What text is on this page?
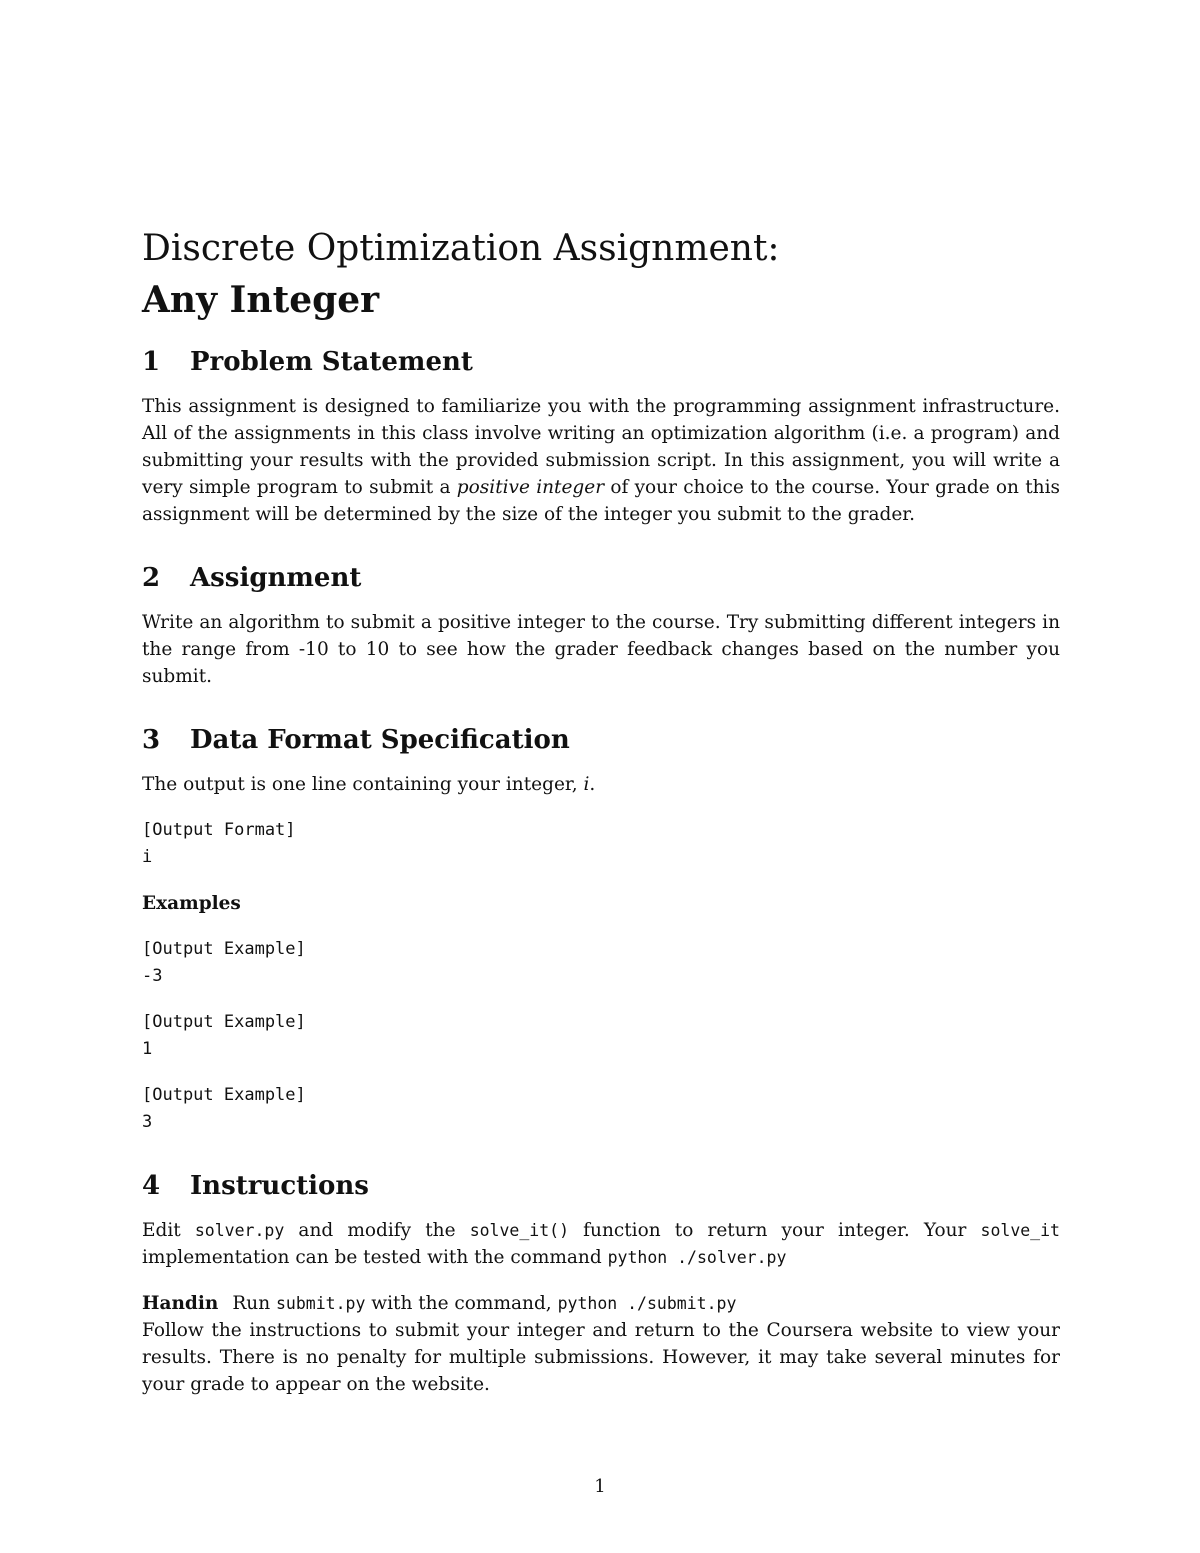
Discrete Optimization Assignment:
Any Integer
1	Problem Statement

This assignment is designed to familiarize you with the programming assignment infrastructure. All of the assignments in this class involve writing an optimization algorithm (i.e. a program) and submitting your results with the provided submission script. In this assignment, you will write a very simple program to submit a positive integer of your choice to the course. Your grade on this assignment will be determined by the size of the integer you submit to the grader.

2	Assignment

Write an algorithm to submit a positive integer to the course. Try submitting different integers in the range from -10 to 10 to see how the grader feedback changes based on the number you submit.

3	Data Format Specification

The output is one line containing your integer, i.

[Output Format]

i

Examples

[Output Example]

-3

[Output Example]

1

[Output Example]

3

4	Instructions

Edit solver.py and modify the solve_it() function to return your integer. Your solve_it implementation can be tested with the command python ./solver.py

Handin Run submit.py with the command, python ./submit.py
Follow the instructions to submit your integer and return to the Coursera website to view your results. There is no penalty for multiple submissions. However, it may take several minutes for your grade to appear on the website.

1
